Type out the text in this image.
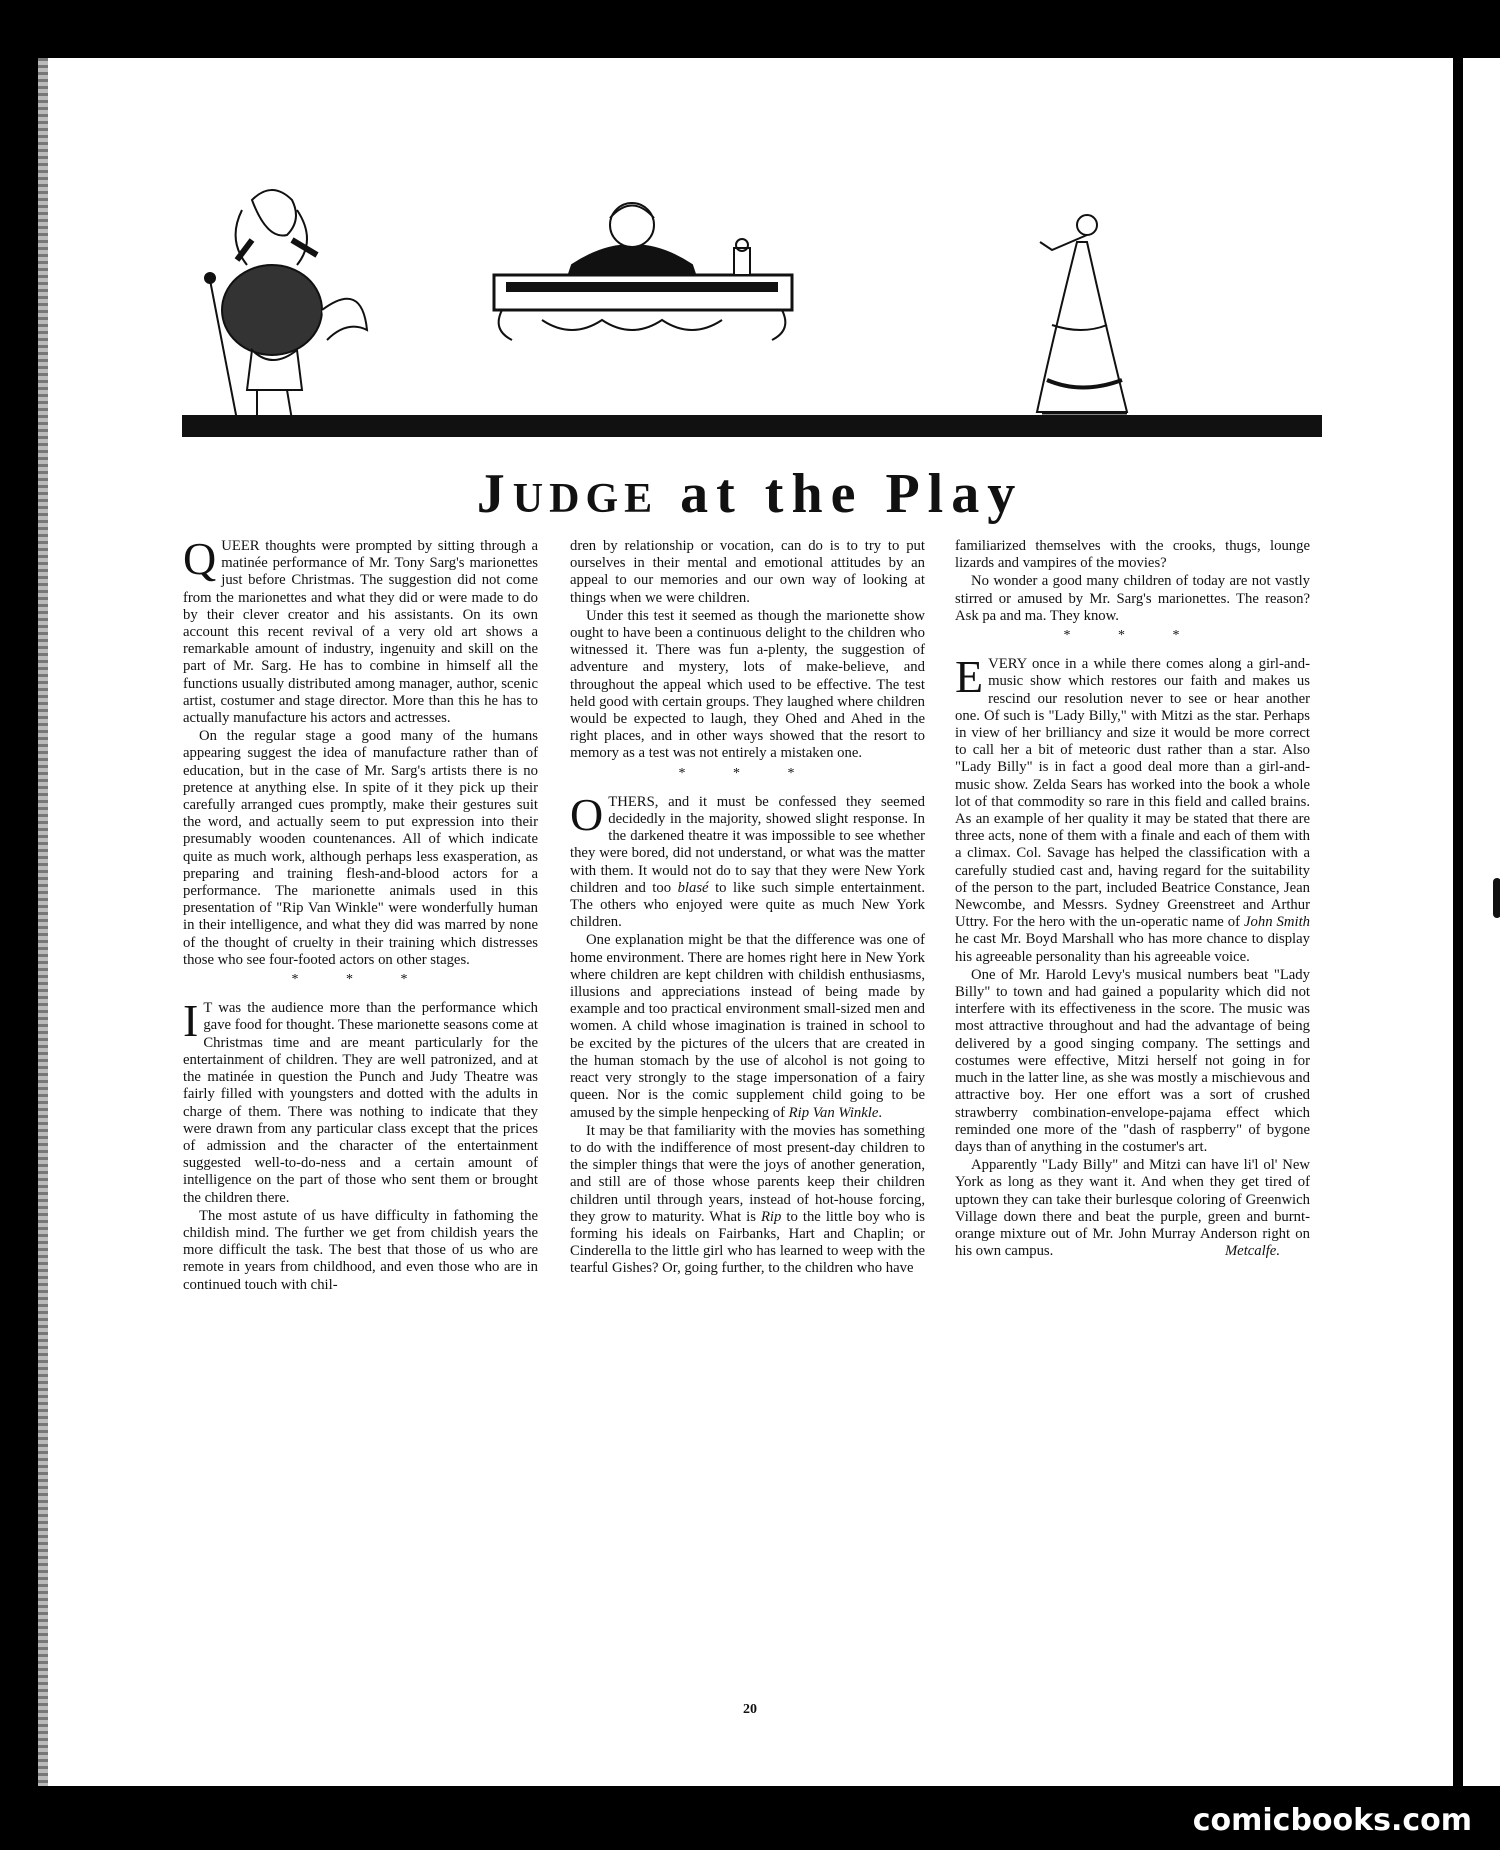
JUDGE at the Play

QUEER thoughts were prompted by sitting through a matinée performance of Mr. Tony Sarg's marionettes just before Christmas. The suggestion did not come from the marionettes and what they did or were made to do by their clever creator and his assistants. On its own account this recent revival of a very old art shows a remarkable amount of industry, ingenuity and skill on the part of Mr. Sarg. He has to combine in himself all the functions usually distributed among manager, author, scenic artist, costumer and stage director. More than this he has to actually manufacture his actors and actresses.

On the regular stage a good many of the humans appearing suggest the idea of manufacture rather than of education, but in the case of Mr. Sarg's artists there is no pretence at anything else. In spite of it they pick up their carefully arranged cues promptly, make their gestures suit the word, and actually seem to put expression into their presumably wooden countenances. All of which indicate quite as much work, although perhaps less exasperation, as preparing and training flesh-and-blood actors for a performance. The marionette animals used in this presentation of "Rip Van Winkle" were wonderfully human in their intelligence, and what they did was marred by none of the thought of cruelty in their training which distresses those who see four-footed actors on other stages.

* * *

I T was the audience more than the performance which gave food for thought. These marionette seasons come at Christmas time and are meant particularly for the entertainment of children. They are well patronized, and at the matinée in question the Punch and Judy Theatre was fairly filled with youngsters and dotted with the adults in charge of them. There was nothing to indicate that they were drawn from any particular class except that the prices of admission and the character of the entertainment suggested well-to-do-ness and a certain amount of intelligence on the part of those who sent them or brought the children there.

The most astute of us have difficulty in fathoming the childish mind. The further we get from childish years the more difficult the task. The best that those of us who are remote in years from childhood, and even those who are in continued touch with chil-

dren by relationship or vocation, can do is to try to put ourselves in their mental and emotional attitudes by an appeal to our memories and our own way of looking at things when we were children.

Under this test it seemed as though the marionette show ought to have been a continuous delight to the children who witnessed it. There was fun a-plenty, the suggestion of adventure and mystery, lots of make-believe, and throughout the appeal which used to be effective. The test held good with certain groups. They laughed where children would be expected to laugh, they Ohed and Ahed in the right places, and in other ways showed that the resort to memory as a test was not entirely a mistaken one.

* * *

OTHERS, and it must be confessed they seemed decidedly in the majority, showed slight response. In the darkened theatre it was impossible to see whether they were bored, did not understand, or what was the matter with them. It would not do to say that they were New York children and too blasé to like such simple entertainment. The others who enjoyed were quite as much New York children.

One explanation might be that the difference was one of home environment. There are homes right here in New York where children are kept children with childish enthusiasms, illusions and appreciations instead of being made by example and too practical environment small-sized men and women. A child whose imagination is trained in school to be excited by the pictures of the ulcers that are created in the human stomach by the use of alcohol is not going to react very strongly to the stage impersonation of a fairy queen. Nor is the comic supplement child going to be amused by the simple henpecking of Rip Van Winkle.

It may be that familiarity with the movies has something to do with the indifference of most present-day children to the simpler things that were the joys of another generation, and still are of those whose parents keep their children children until through years, instead of hot-house forcing, they grow to maturity. What is Rip to the little boy who is forming his ideals on Fairbanks, Hart and Chaplin; or Cinderella to the little girl who has learned to weep with the tearful Gishes? Or, going further, to the children who have

familiarized themselves with the crooks, thugs, lounge lizards and vampires of the movies?

No wonder a good many children of today are not vastly stirred or amused by Mr. Sarg's marionettes. The reason? Ask pa and ma. They know.

* * *

EVERY once in a while there comes along a girl-and-music show which restores our faith and makes us rescind our resolution never to see or hear another one. Of such is "Lady Billy," with Mitzi as the star. Perhaps in view of her brilliancy and size it would be more correct to call her a bit of meteoric dust rather than a star. Also "Lady Billy" is in fact a good deal more than a girl-and-music show. Zelda Sears has worked into the book a whole lot of that commodity so rare in this field and called brains. As an example of her quality it may be stated that there are three acts, none of them with a finale and each of them with a climax. Col. Savage has helped the classification with a carefully studied cast and, having regard for the suitability of the person to the part, included Beatrice Constance, Jean Newcombe, and Messrs. Sydney Greenstreet and Arthur Uttry. For the hero with the un-operatic name of John Smith he cast Mr. Boyd Marshall who has more chance to display his agreeable personality than his agreeable voice.

One of Mr. Harold Levy's musical numbers beat "Lady Billy" to town and had gained a popularity which did not interfere with its effectiveness in the score. The music was most attractive throughout and had the advantage of being delivered by a good singing company. The settings and costumes were effective, Mitzi herself not going in for much in the latter line, as she was mostly a mischievous and attractive boy. Her one effort was a sort of crushed strawberry combination-envelope-pajama effect which reminded one more of the "dash of raspberry" of bygone days than of anything in the costumer's art.

Apparently "Lady Billy" and Mitzi can have li'l ol' New York as long as they want it. And when they get tired of uptown they can take their burlesque coloring of Greenwich Village down there and beat the purple, green and burnt-orange mixture out of Mr. John Murray Anderson right on his own campus.	Metcalfe.

20
comicbooks.com
